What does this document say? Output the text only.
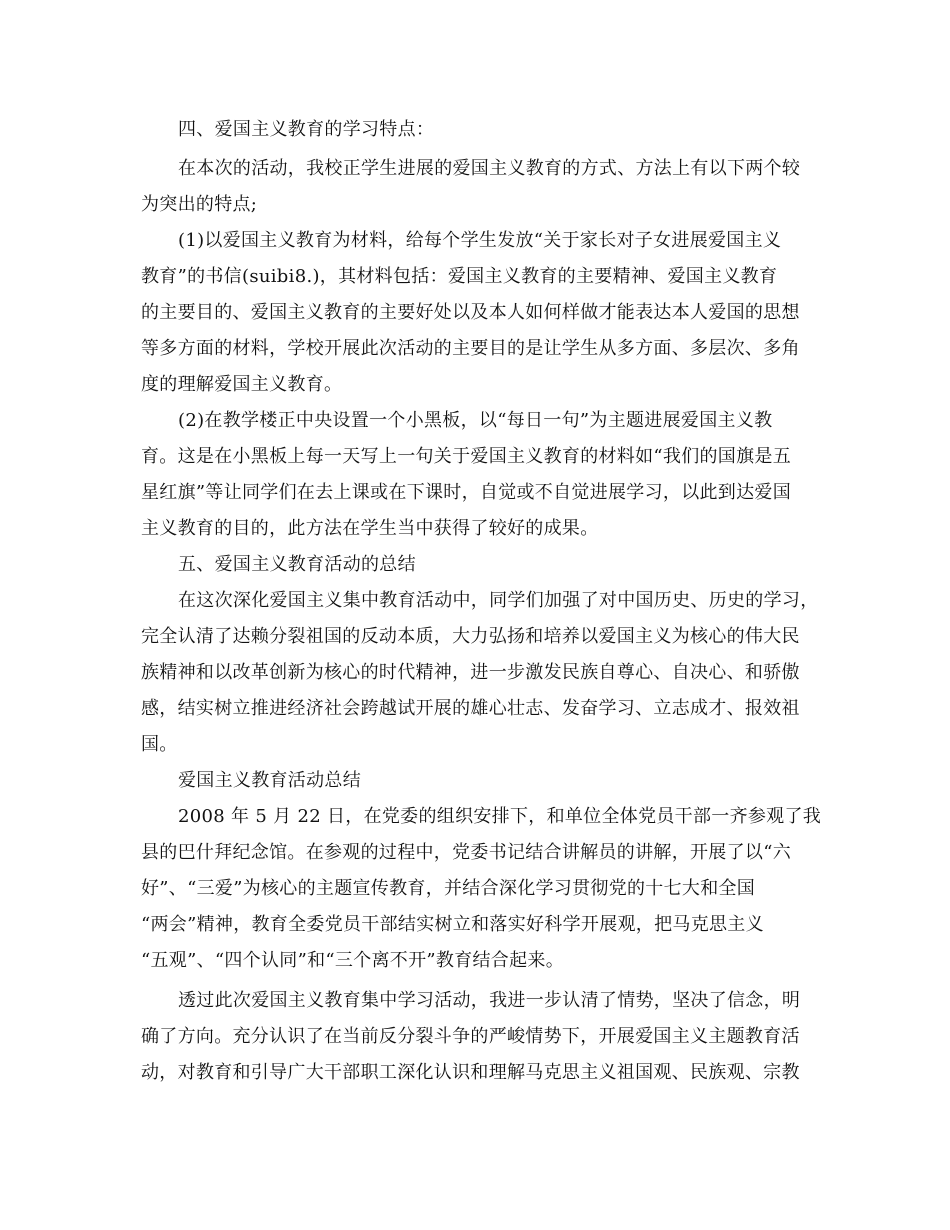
四、爱国主义教育的学习特点：
在本次的活动，我校正学生进展的爱国主义教育的方式、方法上有以下两个较
为突出的特点;
(1)以爱国主义教育为材料，给每个学生发放“关于家长对子女进展爱国主义
教育”的书信(suibi8.)，其材料包括：爱国主义教育的主要精神、爱国主义教育
的主要目的、爱国主义教育的主要好处以及本人如何样做才能表达本人爱国的思想
等多方面的材料，学校开展此次活动的主要目的是让学生从多方面、多层次、多角
度的理解爱国主义教育。
(2)在教学楼正中央设置一个小黑板，以“每日一句”为主题进展爱国主义教
育。这是在小黑板上每一天写上一句关于爱国主义教育的材料如“我们的国旗是五
星红旗”等让同学们在去上课或在下课时，自觉或不自觉进展学习，以此到达爱国
主义教育的目的，此方法在学生当中获得了较好的成果。
五、爱国主义教育活动的总结
在这次深化爱国主义集中教育活动中，同学们加强了对中国历史、历史的学习，
完全认清了达赖分裂祖国的反动本质，大力弘扬和培养以爱国主义为核心的伟大民
族精神和以改革创新为核心的时代精神，进一步激发民族自尊心、自决心、和骄傲
感，结实树立推进经济社会跨越试开展的雄心壮志、发奋学习、立志成才、报效祖
国。
爱国主义教育活动总结
2008 年 5 月 22 日，在党委的组织安排下，和单位全体党员干部一齐参观了我
县的巴什拜纪念馆。在参观的过程中，党委书记结合讲解员的讲解，开展了以“六
好”、“三爱”为核心的主题宣传教育，并结合深化学习贯彻党的十七大和全国
“两会”精神，教育全委党员干部结实树立和落实好科学开展观，把马克思主义
“五观”、“四个认同”和“三个离不开”教育结合起来。
透过此次爱国主义教育集中学习活动，我进一步认清了情势，坚决了信念，明
确了方向。充分认识了在当前反分裂斗争的严峻情势下，开展爱国主义主题教育活
动，对教育和引导广大干部职工深化认识和理解马克思主义祖国观、民族观、宗教
